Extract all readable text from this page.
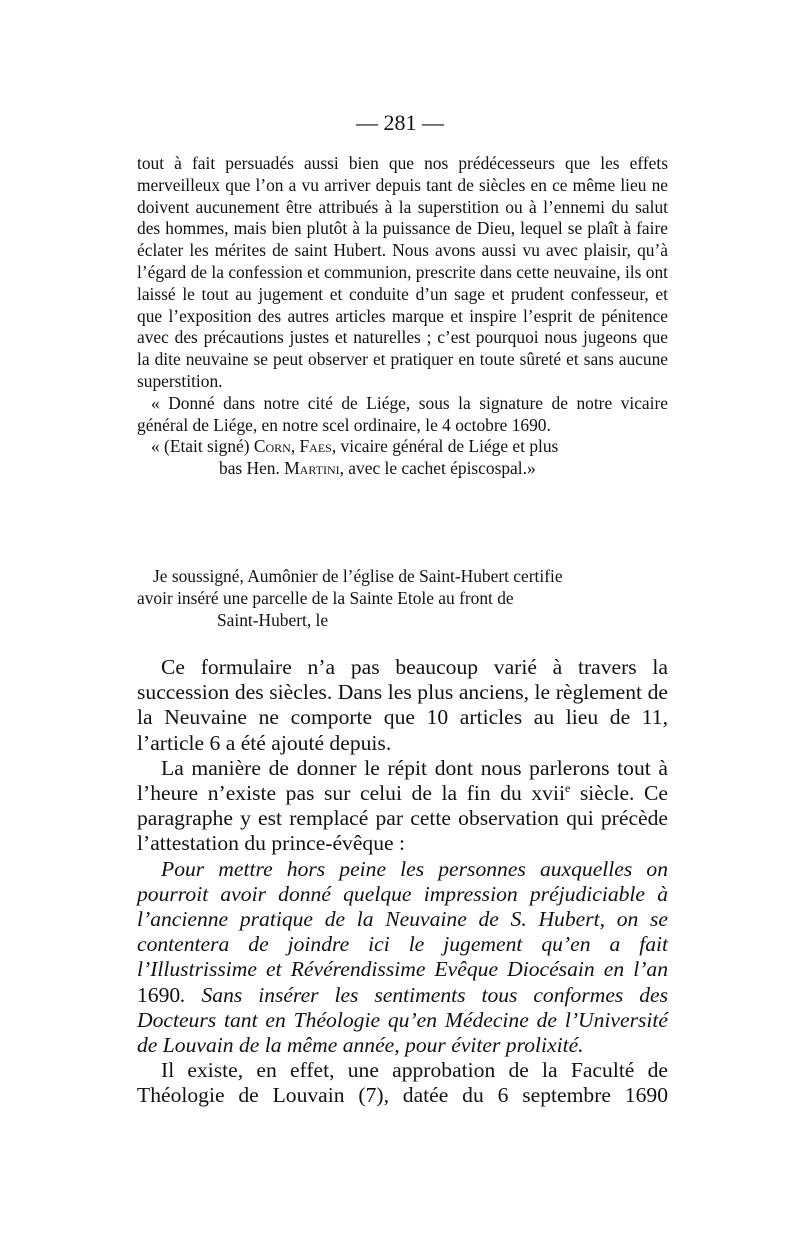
— 281 —

tout à fait persuadés aussi bien que nos prédécesseurs que les effets merveilleux que l’on a vu arriver depuis tant de siècles en ce même lieu ne doivent aucunement être attribués à la superstition ou à l’ennemi du salut des hommes, mais bien plutôt à la puissance de Dieu, lequel se plaît à faire éclater les mérites de saint Hubert. Nous avons aussi vu avec plaisir, qu’à l’égard de la confession et communion, prescrite dans cette neuvaine, ils ont laissé le tout au jugement et conduite d’un sage et prudent confesseur, et que l’exposition des autres articles marque et inspire l’esprit de pénitence avec des précautions justes et naturelles ; c’est pourquoi nous jugeons que la dite neuvaine se peut observer et pratiquer en toute sûreté et sans aucune superstition.

« Donné dans notre cité de Liége, sous la signature de notre vicaire général de Liége, en notre scel ordinaire, le 4 octobre 1690.

« (Etait signé) Corn, Faes, vicaire général de Liége et plus

bas Hen. Martini, avec le cachet épiscospal.»

Je soussigné, Aumônier de l’église de Saint-Hubert certifie

avoir inséré une parcelle de la Sainte Etole au front de

Saint-Hubert, le

Ce formulaire n’a pas beaucoup varié à travers la succession des siècles. Dans les plus anciens, le règlement de la Neuvaine ne comporte que 10 articles au lieu de 11, l’article 6 a été ajouté depuis.

La manière de donner le répit dont nous parlerons tout à l’heure n’existe pas sur celui de la fin du xvii$^e$ siècle. Ce paragraphe y est remplacé par cette observation qui précède l’attestation du prince-évêque :

Pour mettre hors peine les personnes auxquelles on pourroit avoir donné quelque impression préjudiciable à l’ancienne pratique de la Neuvaine de S. Hubert, on se contentera de joindre ici le jugement qu’en a fait l’Illustrissime et Révérendissime Evêque Diocésain en l’an 1690. Sans insérer les sentiments tous conformes des Docteurs tant en Théologie qu’en Médecine de l’Université de Louvain de la même année, pour éviter prolixité.

Il existe, en effet, une approbation de la Faculté de Théologie de Louvain (7), datée du 6 septembre 1690
